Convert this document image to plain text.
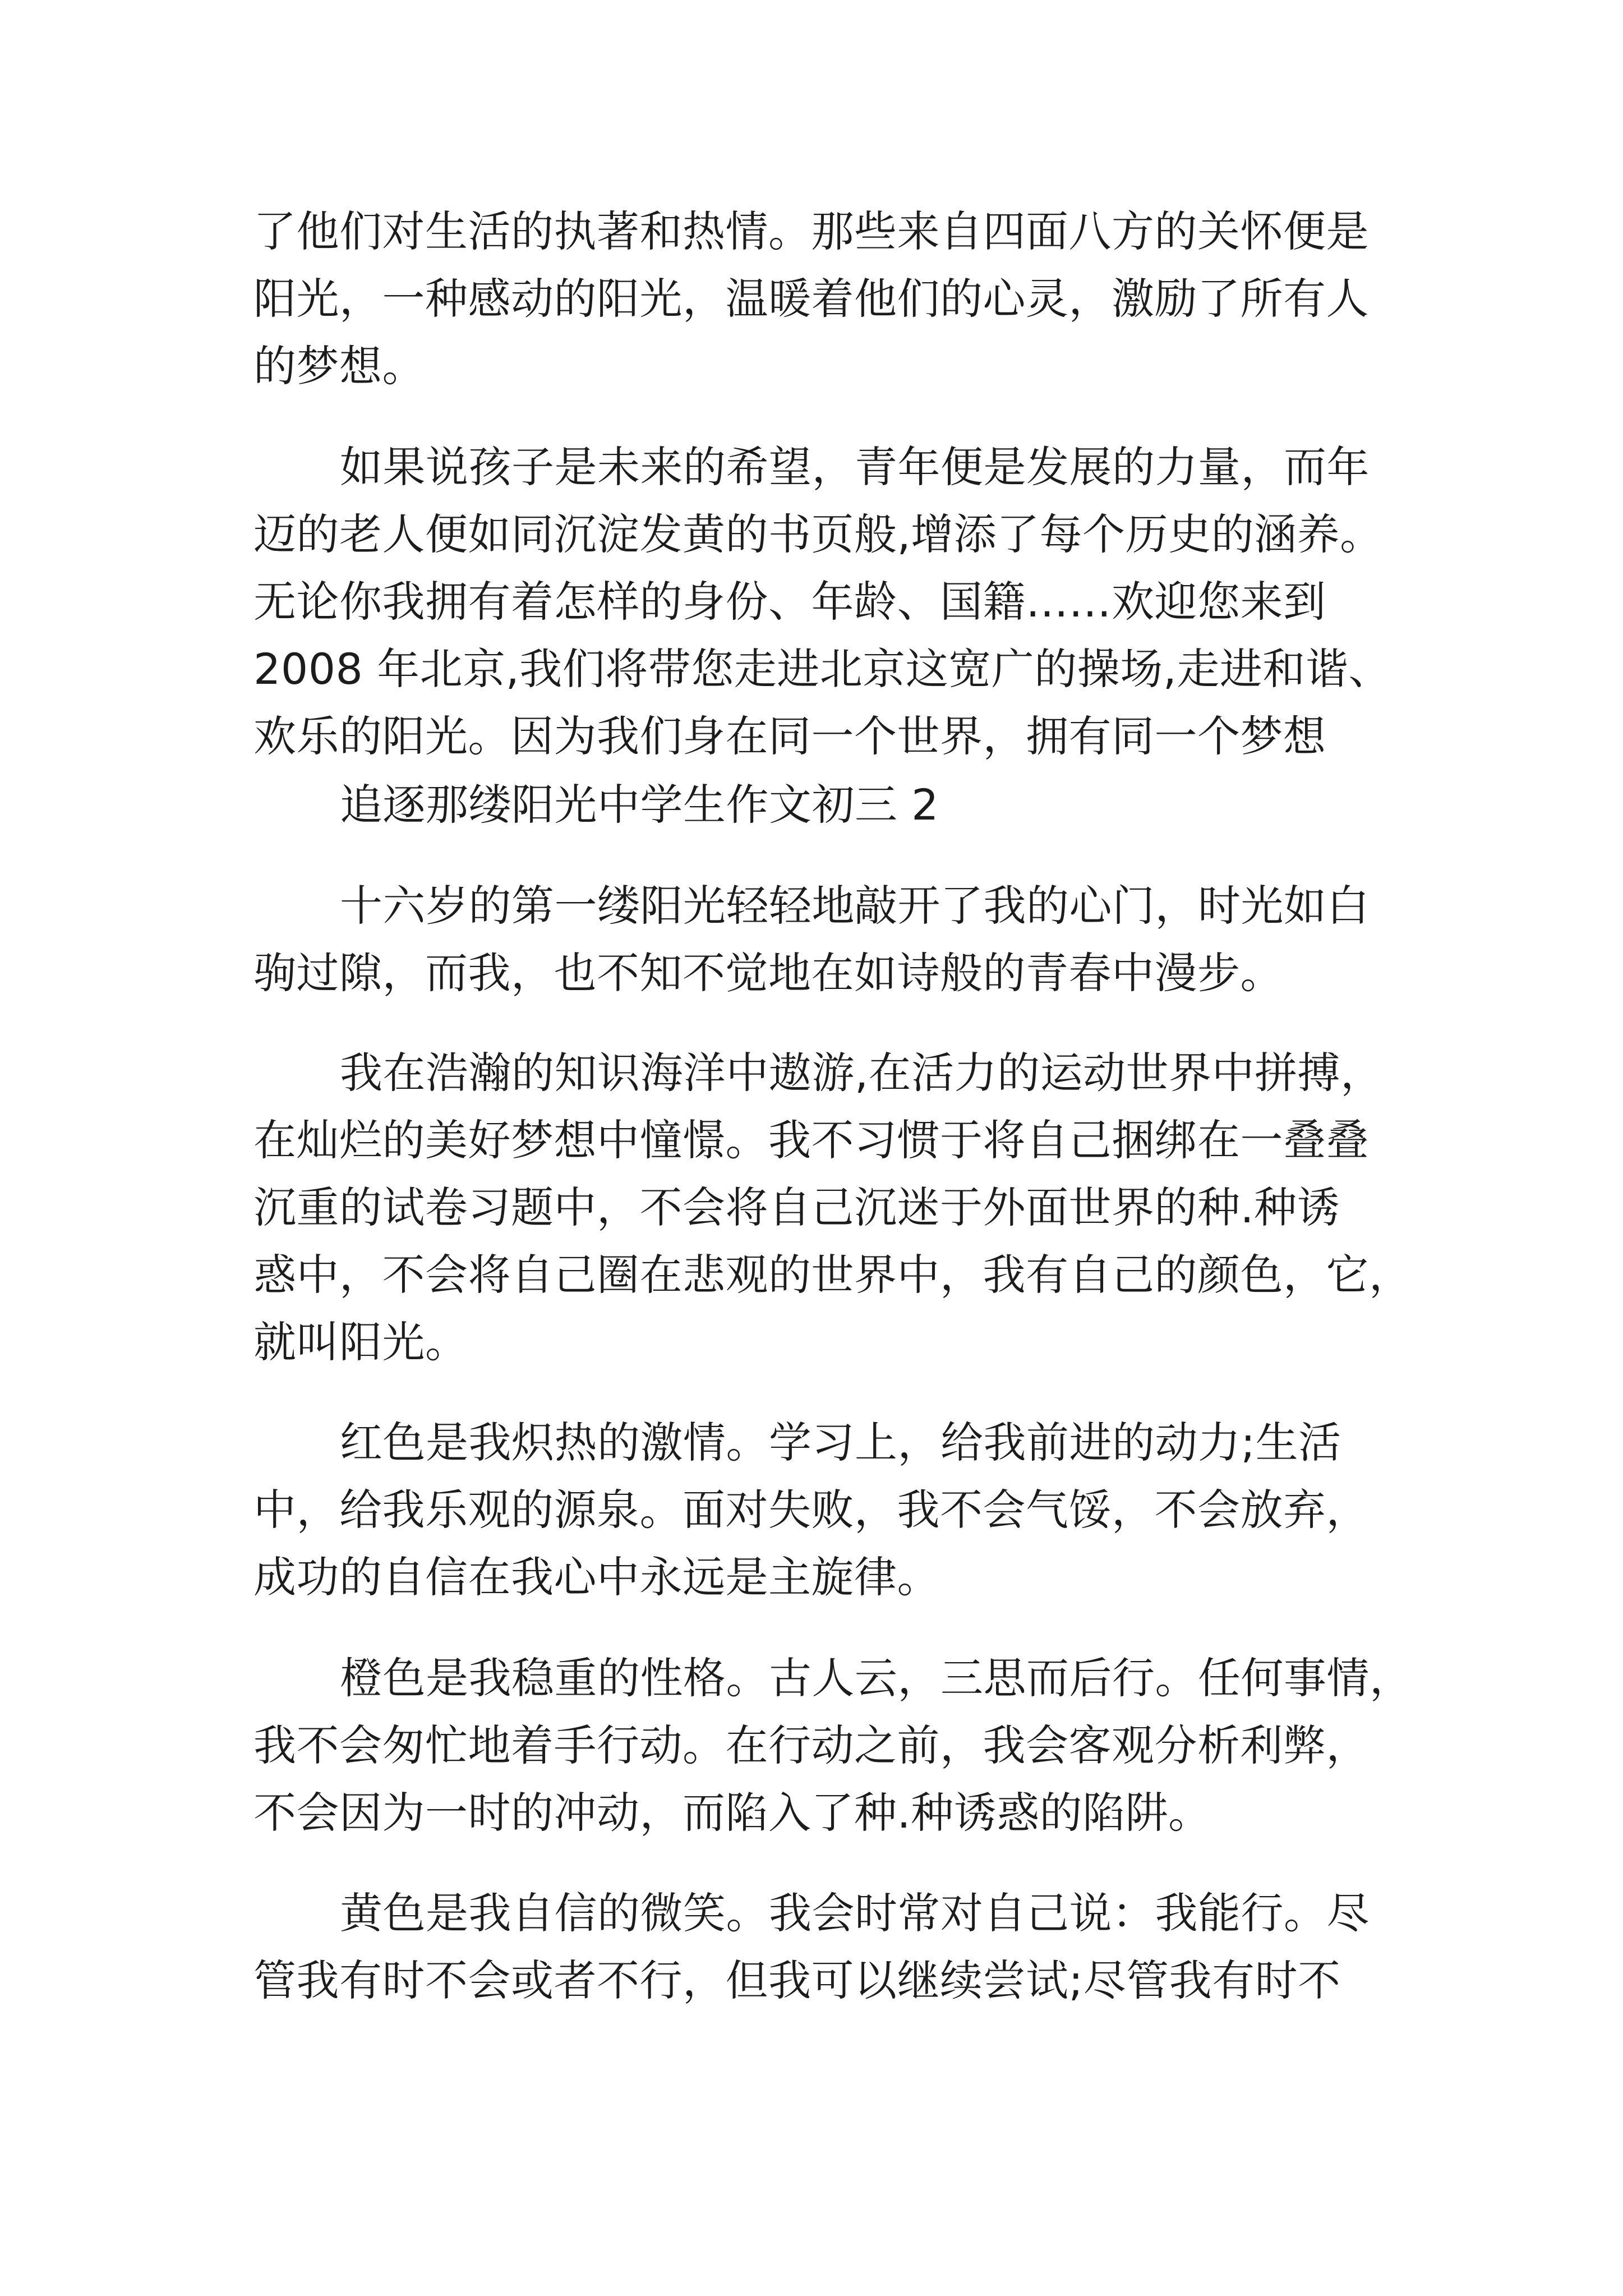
了他们对生活的执著和热情。那些来自四面八方的关怀便是
阳光，一种感动的阳光，温暖着他们的心灵，激励了所有人
的梦想。
如果说孩子是未来的希望，青年便是发展的力量，而年
迈的老人便如同沉淀发黄的书页般,增添了每个历史的涵养。
无论你我拥有着怎样的身份、年龄、国籍……欢迎您来到
2008 年北京,我们将带您走进北京这宽广的操场,走进和谐、
欢乐的阳光。因为我们身在同一个世界，拥有同一个梦想
追逐那缕阳光中学生作文初三 2
十六岁的第一缕阳光轻轻地敲开了我的心门，时光如白
驹过隙，而我，也不知不觉地在如诗般的青春中漫步。
我在浩瀚的知识海洋中遨游,在活力的运动世界中拼搏，
在灿烂的美好梦想中憧憬。我不习惯于将自己捆绑在一叠叠
沉重的试卷习题中，不会将自己沉迷于外面世界的种.种诱
惑中，不会将自己圈在悲观的世界中，我有自己的颜色，它，
就叫阳光。
红色是我炽热的激情。学习上，给我前进的动力;生活
中，给我乐观的源泉。面对失败，我不会气馁，不会放弃，
成功的自信在我心中永远是主旋律。
橙色是我稳重的性格。古人云，三思而后行。任何事情，
我不会匆忙地着手行动。在行动之前，我会客观分析利弊，
不会因为一时的冲动，而陷入了种.种诱惑的陷阱。
黄色是我自信的微笑。我会时常对自己说：我能行。尽
管我有时不会或者不行，但我可以继续尝试;尽管我有时不
